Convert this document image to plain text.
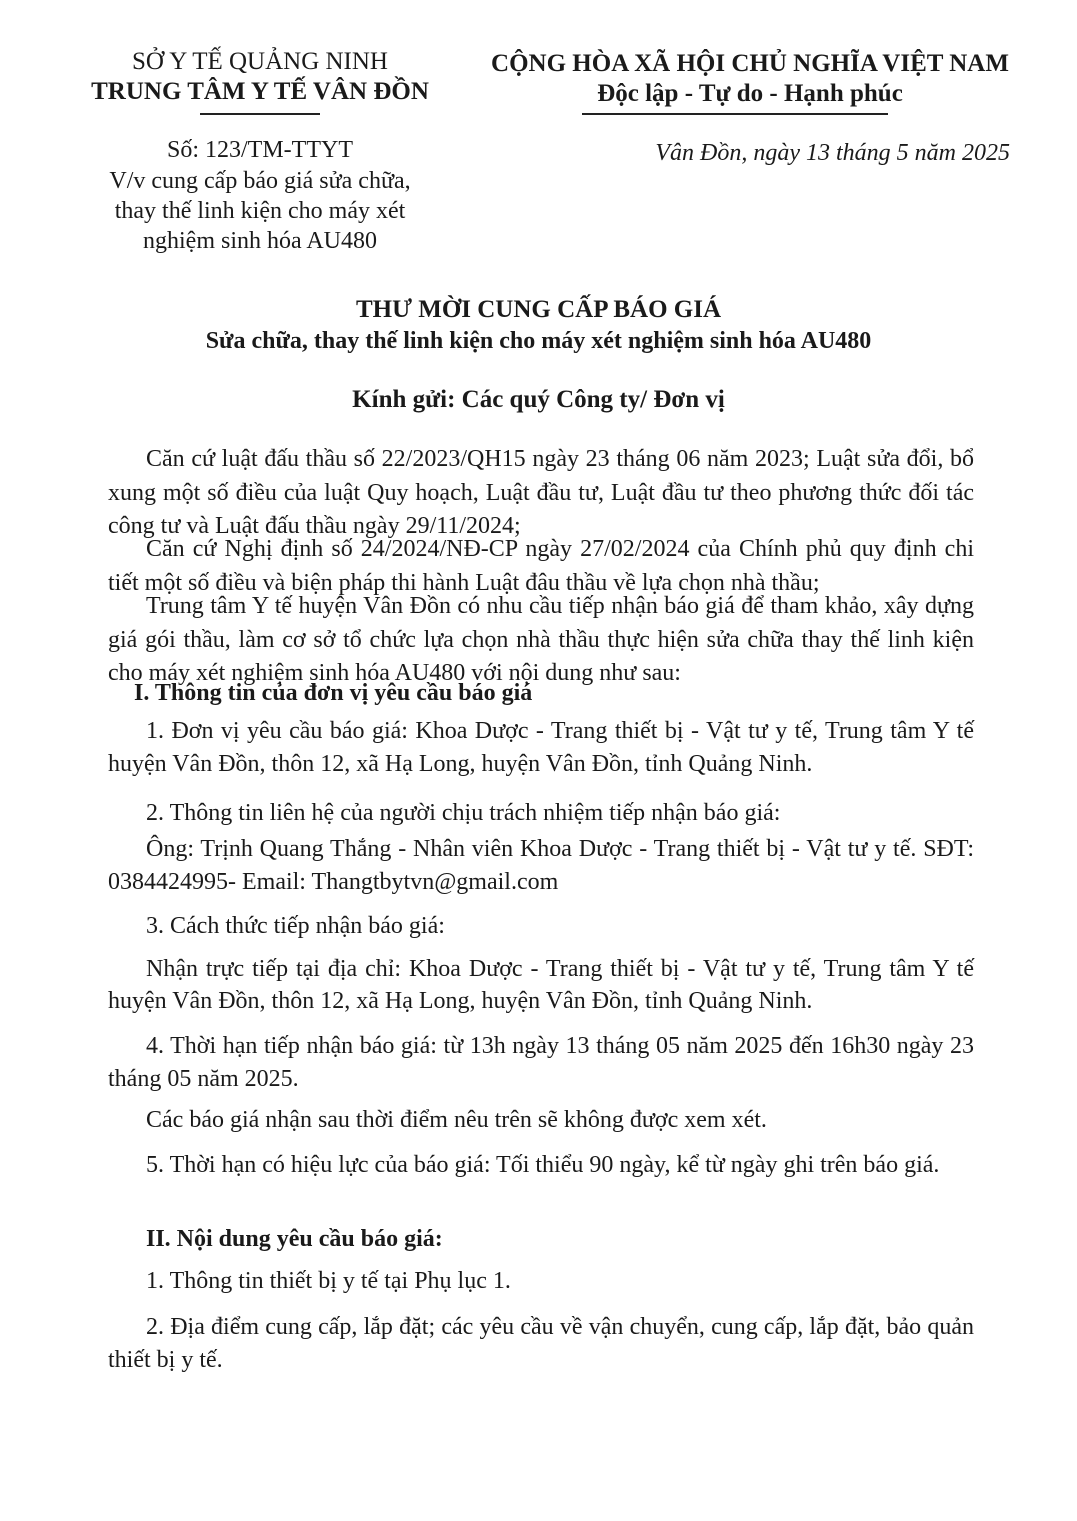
SỞ Y TẾ QUẢNG NINH
TRUNG TÂM Y TẾ VÂN ĐỒN
CỘNG HÒA XÃ HỘI CHỦ NGHĨA VIỆT NAM
Độc lập - Tự do - Hạnh phúc
Số: 123/TM-TTYT
V/v cung cấp báo giá sửa chữa,
thay thế linh kiện cho máy xét
nghiệm sinh hóa AU480
Vân Đồn, ngày 13 tháng 5 năm 2025
THƯ MỜI CUNG CẤP BÁO GIÁ
Sửa chữa, thay thế linh kiện cho máy xét nghiệm sinh hóa AU480
Kính gửi: Các quý Công ty/ Đơn vị
Căn cứ luật đấu thầu số 22/2023/QH15 ngày 23 tháng 06 năm 2023; Luật sửa đổi, bổ xung một số điều của luật Quy hoạch, Luật đầu tư, Luật đầu tư theo phương thức đối tác công tư và Luật đấu thầu ngày 29/11/2024;
Căn cứ Nghị định số 24/2024/NĐ-CP ngày 27/02/2024 của Chính phủ quy định chi tiết một số điều và biện pháp thi hành Luật đâu thầu về lựa chọn nhà thầu;
Trung tâm Y tế huyện Vân Đồn có nhu cầu tiếp nhận báo giá để tham khảo, xây dựng giá gói thầu, làm cơ sở tổ chức lựa chọn nhà thầu thực hiện sửa chữa thay thế linh kiện cho máy xét nghiệm sinh hóa AU480 với nội dung như sau:
I. Thông tin của đơn vị yêu cầu báo giá
1. Đơn vị yêu cầu báo giá: Khoa Dược - Trang thiết bị - Vật tư y tế, Trung tâm Y tế huyện Vân Đồn, thôn 12, xã Hạ Long, huyện Vân Đồn, tỉnh Quảng Ninh.
2. Thông tin liên hệ của người chịu trách nhiệm tiếp nhận báo giá:
Ông: Trịnh Quang Thắng - Nhân viên Khoa Dược - Trang thiết bị - Vật tư y tế. SĐT: 0384424995- Email: Thangtbytvn@gmail.com
3. Cách thức tiếp nhận báo giá:
Nhận trực tiếp tại địa chỉ: Khoa Dược - Trang thiết bị - Vật tư y tế, Trung tâm Y tế huyện Vân Đồn, thôn 12, xã Hạ Long, huyện Vân Đồn, tỉnh Quảng Ninh.
4. Thời hạn tiếp nhận báo giá: từ 13h ngày 13 tháng 05 năm 2025 đến 16h30 ngày 23 tháng 05 năm 2025.
Các báo giá nhận sau thời điểm nêu trên sẽ không được xem xét.
5. Thời hạn có hiệu lực của báo giá: Tối thiểu 90 ngày, kể từ ngày ghi trên báo giá.
II. Nội dung yêu cầu báo giá:
1. Thông tin thiết bị y tế tại Phụ lục 1.
2. Địa điểm cung cấp, lắp đặt; các yêu cầu về vận chuyển, cung cấp, lắp đặt, bảo quản thiết bị y tế.
